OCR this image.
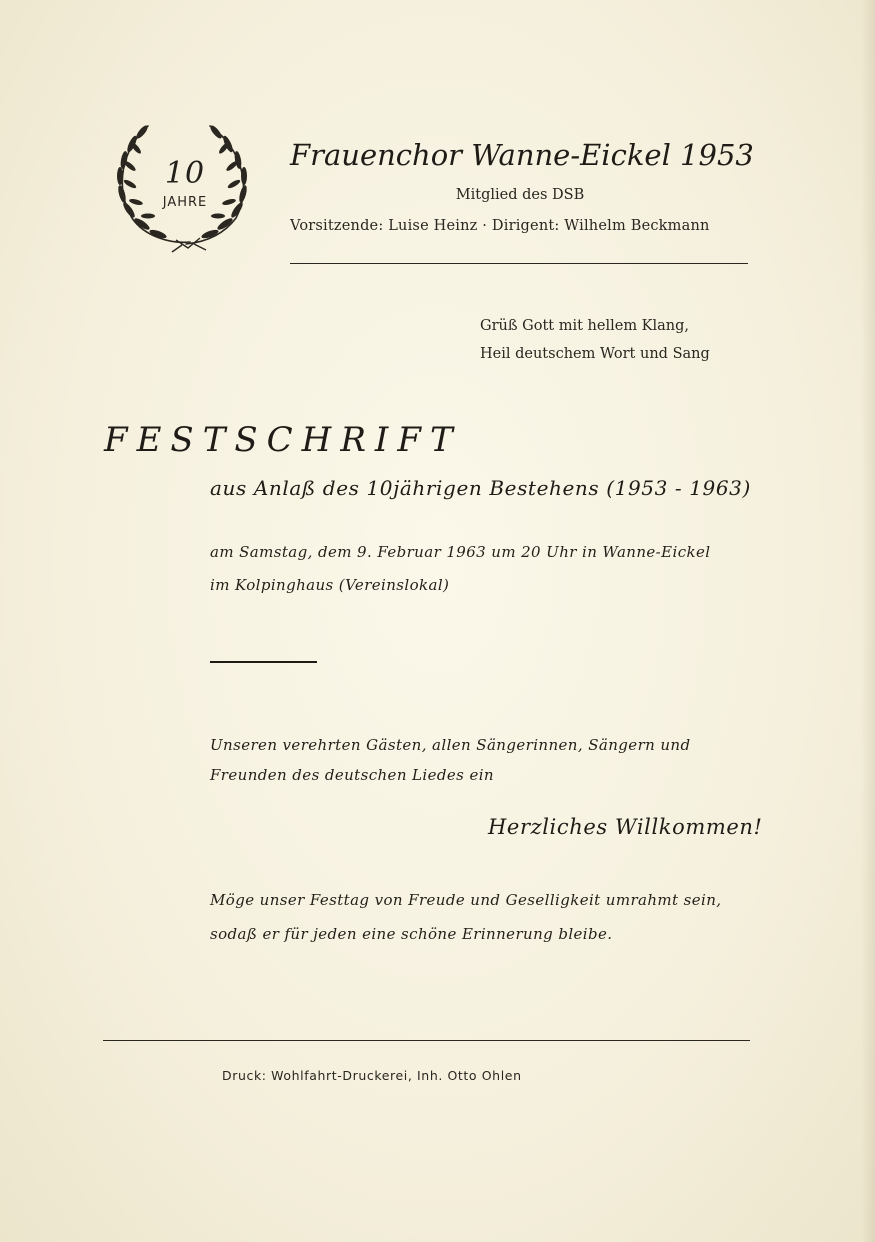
10
JAHRE
Frauenchor Wanne-Eickel 1953
Mitglied des DSB
Vorsitzende: Luise Heinz · Dirigent: Wilhelm Beckmann
Grüß Gott mit hellem Klang,
Heil deutschem Wort und Sang
FESTSCHRIFT
aus Anlaß des 10jährigen Bestehens (1953 - 1963)
am Samstag, dem 9. Februar 1963 um 20 Uhr in Wanne-Eickel
im Kolpinghaus (Vereinslokal)
Unseren verehrten Gästen, allen Sängerinnen, Sängern und
Freunden des deutschen Liedes ein
Herzliches Willkommen!
Möge unser Festtag von Freude und Geselligkeit umrahmt sein,
sodaß er für jeden eine schöne Erinnerung bleibe.
Druck: Wohlfahrt-Druckerei, Inh. Otto Ohlen
